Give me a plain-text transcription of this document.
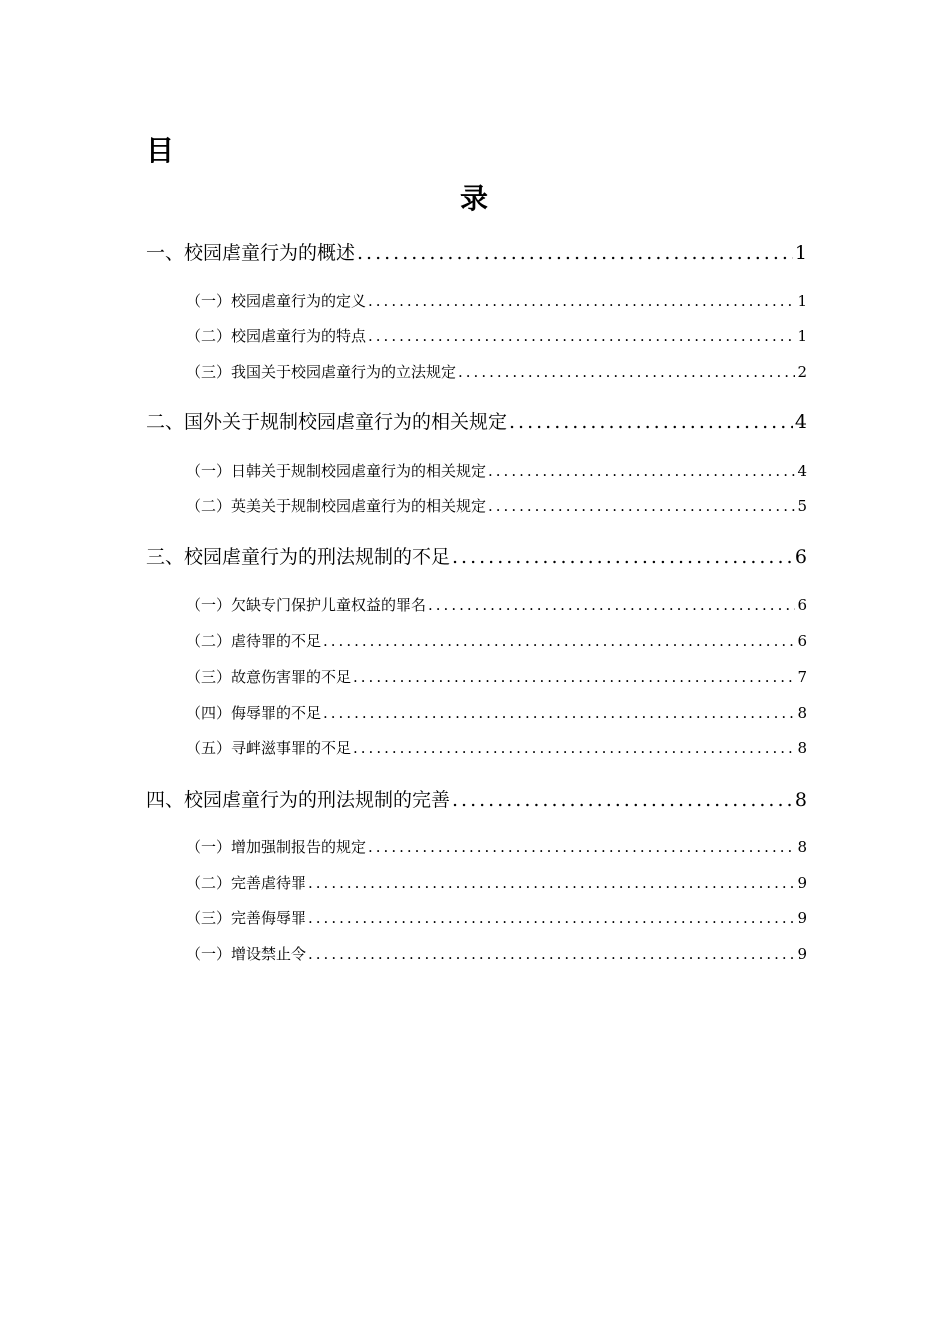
目
录
一、校园虐童行为的概述 .....	1
（一）校园虐童行为的定义 .....	1
（二）校园虐童行为的特点 .....	1
（三）我国关于校园虐童行为的立法规定 .....	2
二、国外关于规制校园虐童行为的相关规定 .....	4
（一）日韩关于规制校园虐童行为的相关规定 .....	4
（二）英美关于规制校园虐童行为的相关规定 .....	5
三、校园虐童行为的刑法规制的不足 .....	6
（一）欠缺专门保护儿童权益的罪名 .....	6
（二）虐待罪的不足 .....	6
（三）故意伤害罪的不足 .....	7
（四）侮辱罪的不足 .....	8
（五）寻衅滋事罪的不足 .....	8
四、校园虐童行为的刑法规制的完善 .....	8
（一）增加强制报告的规定 .....	8
（二）完善虐待罪 .....	9
（三）完善侮辱罪 .....	9
（一）增设禁止令 .....	9
